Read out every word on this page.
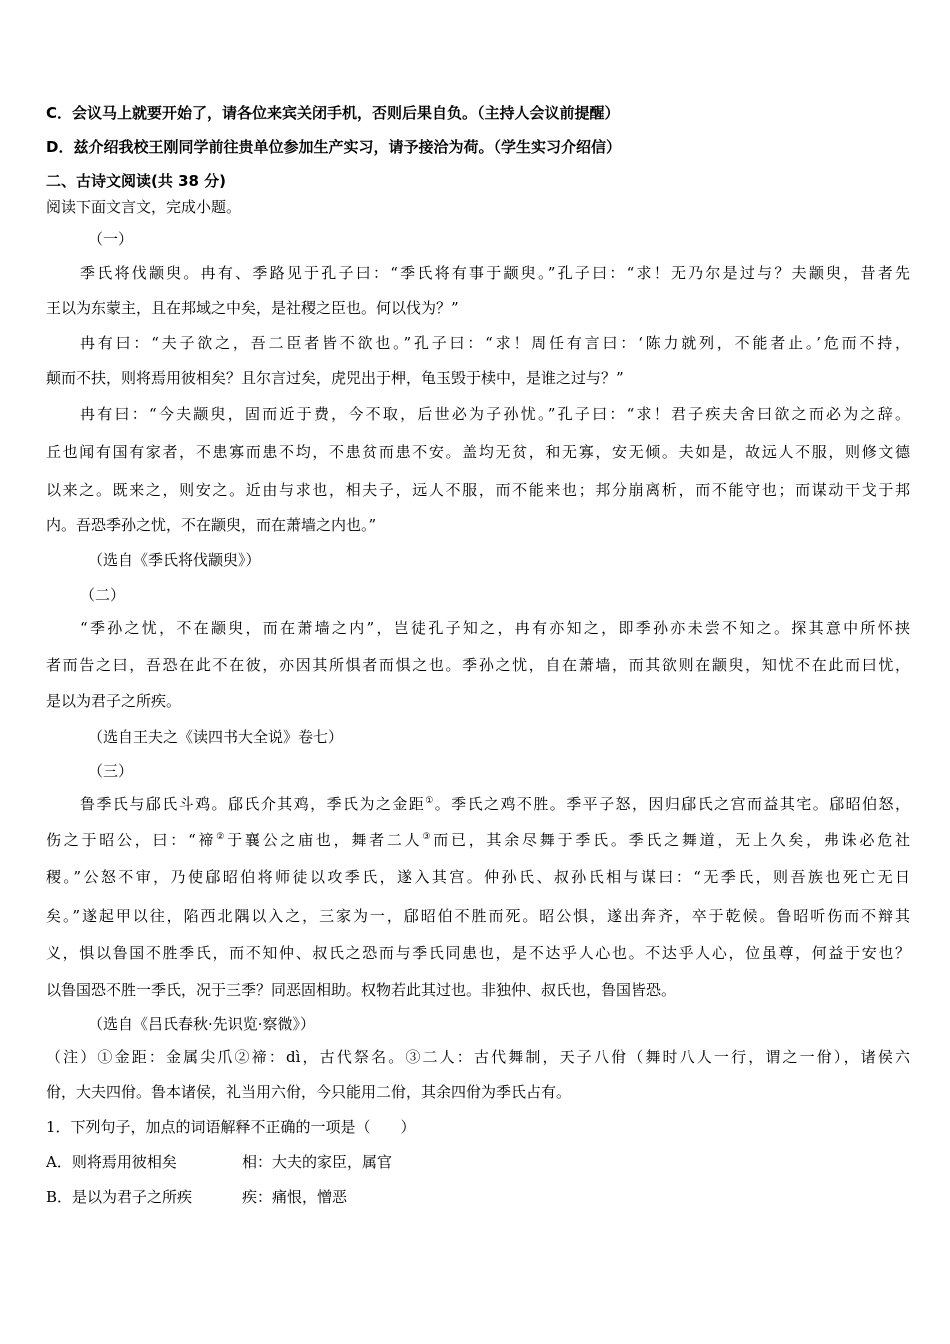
C．会议马上就要开始了，请各位来宾关闭手机，否则后果自负。（主持人会议前提醒）
D．兹介绍我校王刚同学前往贵单位参加生产实习，请予接洽为荷。（学生实习介绍信）
二、古诗文阅读(共 38 分)
阅读下面文言文，完成小题。
（一）
季氏将伐颛臾。冉有、季路见于孔子曰：“季氏将有事于颛臾。”孔子曰：“求！无乃尔是过与？夫颛臾，昔者先
王以为东蒙主，且在邦域之中矣，是社稷之臣也。何以伐为？”
冉有曰：“夫子欲之，吾二臣者皆不欲也。”孔子曰：“求！周任有言曰：‘陈力就列，不能者止。’危而不持，
颠而不扶，则将焉用彼相矣？且尔言过矣，虎兕出于柙，龟玉毁于椟中，是谁之过与？”
冉有曰：“今夫颛臾，固而近于费，今不取，后世必为子孙忧。”孔子曰：“求！君子疾夫舍曰欲之而必为之辞。
丘也闻有国有家者，不患寡而患不均，不患贫而患不安。盖均无贫，和无寡，安无倾。夫如是，故远人不服，则修文德
以来之。既来之，则安之。近由与求也，相夫子，远人不服，而不能来也；邦分崩离析，而不能守也；而谋动干戈于邦
内。吾恐季孙之忧，不在颛臾，而在萧墙之内也。”
（选自《季氏将伐颛臾》）
（二）
“季孙之忧，不在颛臾，而在萧墙之内”，岂徒孔子知之，冉有亦知之，即季孙亦未尝不知之。探其意中所怀挟
者而告之曰，吾恐在此不在彼，亦因其所惧者而惧之也。季孙之忧，自在萧墙，而其欲则在颛臾，知忧不在此而曰忧，
是以为君子之所疾。
（选自王夫之《读四书大全说》卷七）
（三）
鲁季氏与郈氏斗鸡。郈氏介其鸡，季氏为之金距①。季氏之鸡不胜。季平子怒，因归郈氏之宫而益其宅。郈昭伯怒，
伤之于昭公，曰：“禘②于襄公之庙也，舞者二人③而已，其余尽舞于季氏。季氏之舞道，无上久矣，弗诛必危社
稷。”公怒不审，乃使郈昭伯将师徒以攻季氏，遂入其宫。仲孙氏、叔孙氏相与谋曰：“无季氏，则吾族也死亡无日
矣。”遂起甲以往，陷西北隅以入之，三家为一，郈昭伯不胜而死。昭公惧，遂出奔齐，卒于乾候。鲁昭听伤而不辩其
义，惧以鲁国不胜季氏，而不知仲、叔氏之恐而与季氏同患也，是不达乎人心也。不达乎人心，位虽尊，何益于安也？
以鲁国恐不胜一季氏，况于三季？同恶固相助。权物若此其过也。非独仲、叔氏也，鲁国皆恐。
（选自《吕氏春秋·先识览·察微》）
（注）①金距：金属尖爪②禘：dì，古代祭名。③二人：古代舞制，天子八佾（舞时八人一行，谓之一佾），诸侯六
佾，大夫四佾。鲁本诸侯，礼当用六佾，今只能用二佾，其余四佾为季氏占有。
1．下列句子，加点的词语解释不正确的一项是（　　）
A．则将焉用彼相矣	相：大夫的家臣，属官
B．是以为君子之所疾	疾：痛恨，憎恶
